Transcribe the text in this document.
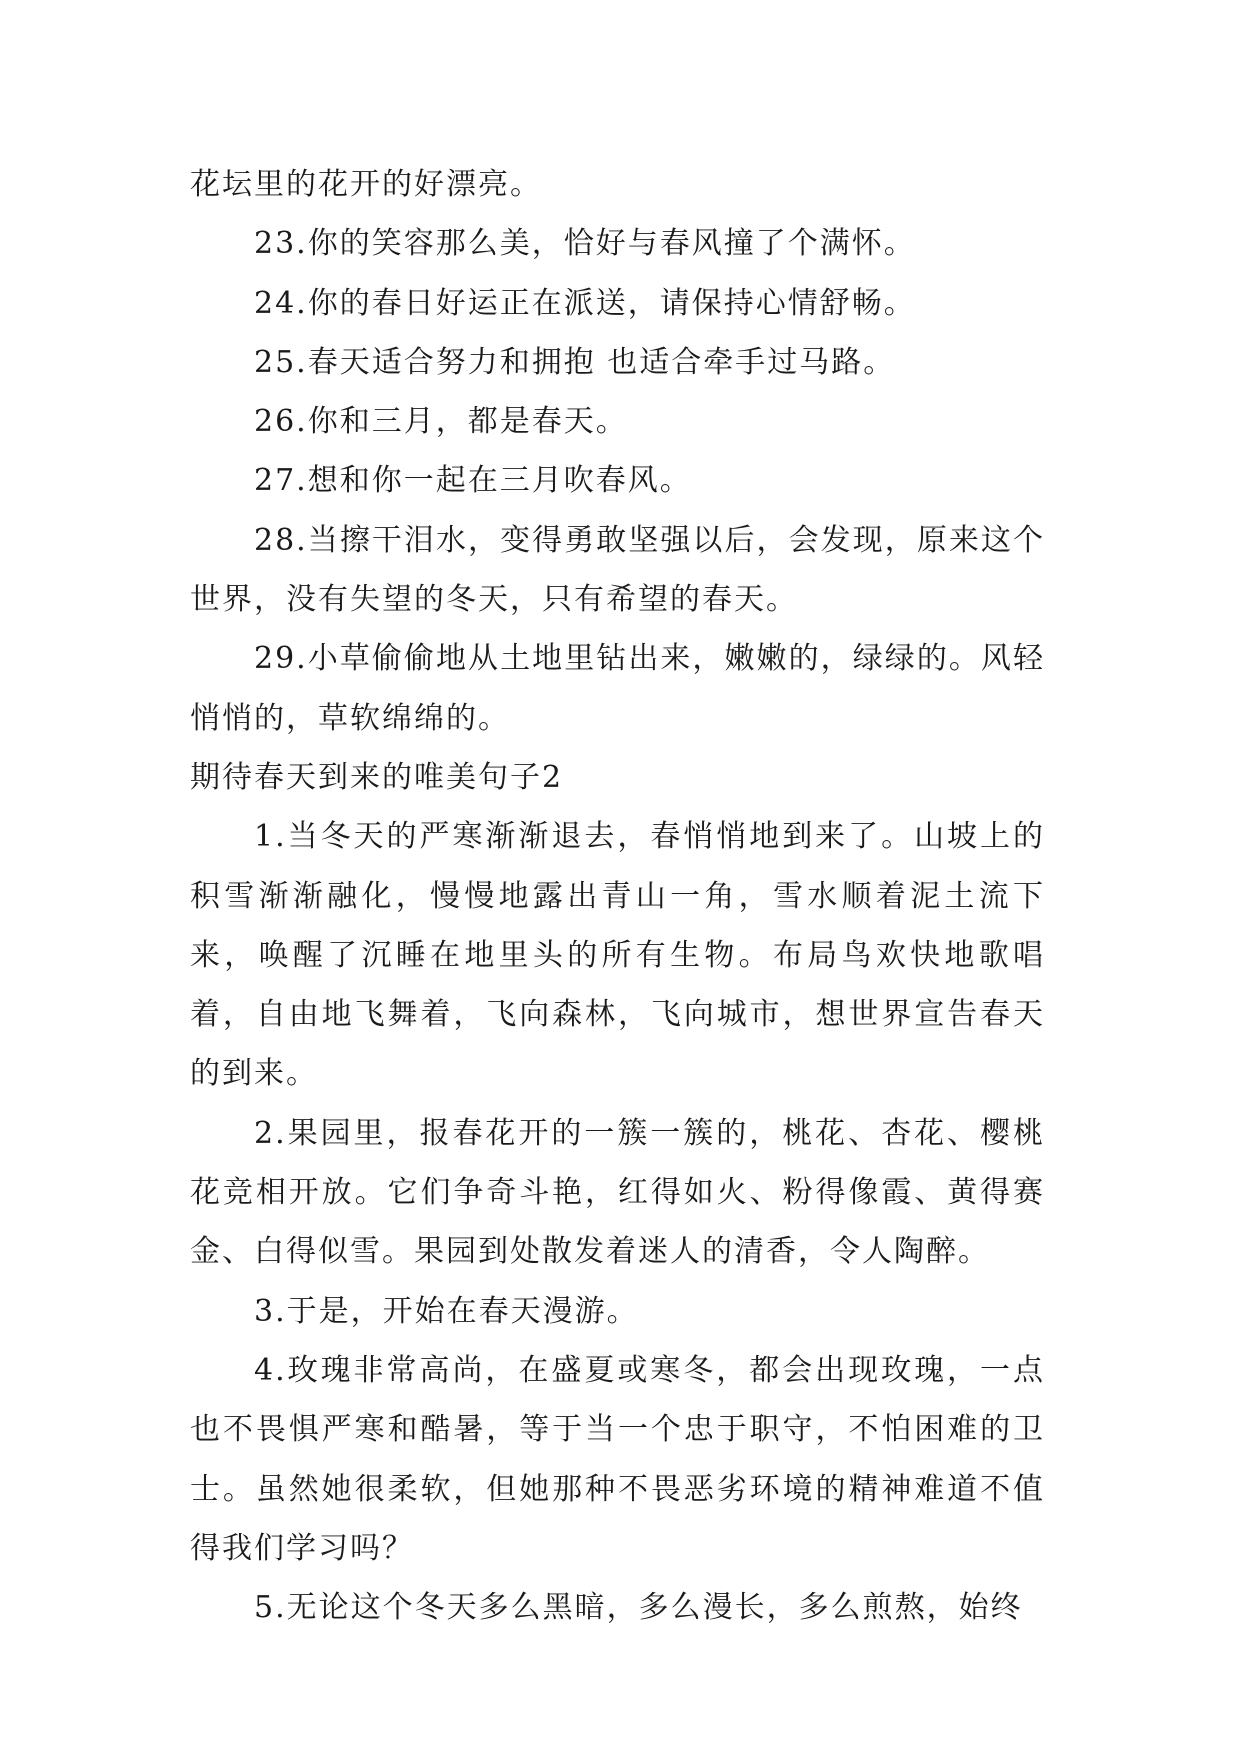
花坛里的花开的好漂亮。

23.你的笑容那么美，恰好与春风撞了个满怀。

24.你的春日好运正在派送，请保持心情舒畅。

25.春天适合努力和拥抱 也适合牵手过马路。

26.你和三月，都是春天。

27.想和你一起在三月吹春风。

28.当擦干泪水，变得勇敢坚强以后，会发现，原来这个世界，没有失望的冬天，只有希望的春天。

29.小草偷偷地从土地里钻出来，嫩嫩的，绿绿的。风轻悄悄的，草软绵绵的。

期待春天到来的唯美句子2

1.当冬天的严寒渐渐退去，春悄悄地到来了。山坡上的积雪渐渐融化，慢慢地露出青山一角，雪水顺着泥土流下来，唤醒了沉睡在地里头的所有生物。布局鸟欢快地歌唱着，自由地飞舞着，飞向森林，飞向城市，想世界宣告春天的到来。

2.果园里，报春花开的一簇一簇的，桃花、杏花、樱桃花竞相开放。它们争奇斗艳，红得如火、粉得像霞、黄得赛金、白得似雪。果园到处散发着迷人的清香，令人陶醉。

3.于是，开始在春天漫游。

4.玫瑰非常高尚，在盛夏或寒冬，都会出现玫瑰，一点也不畏惧严寒和酷暑，等于当一个忠于职守，不怕困难的卫士。虽然她很柔软，但她那种不畏恶劣环境的精神难道不值得我们学习吗？

5.无论这个冬天多么黑暗，多么漫长，多么煎熬，始终
